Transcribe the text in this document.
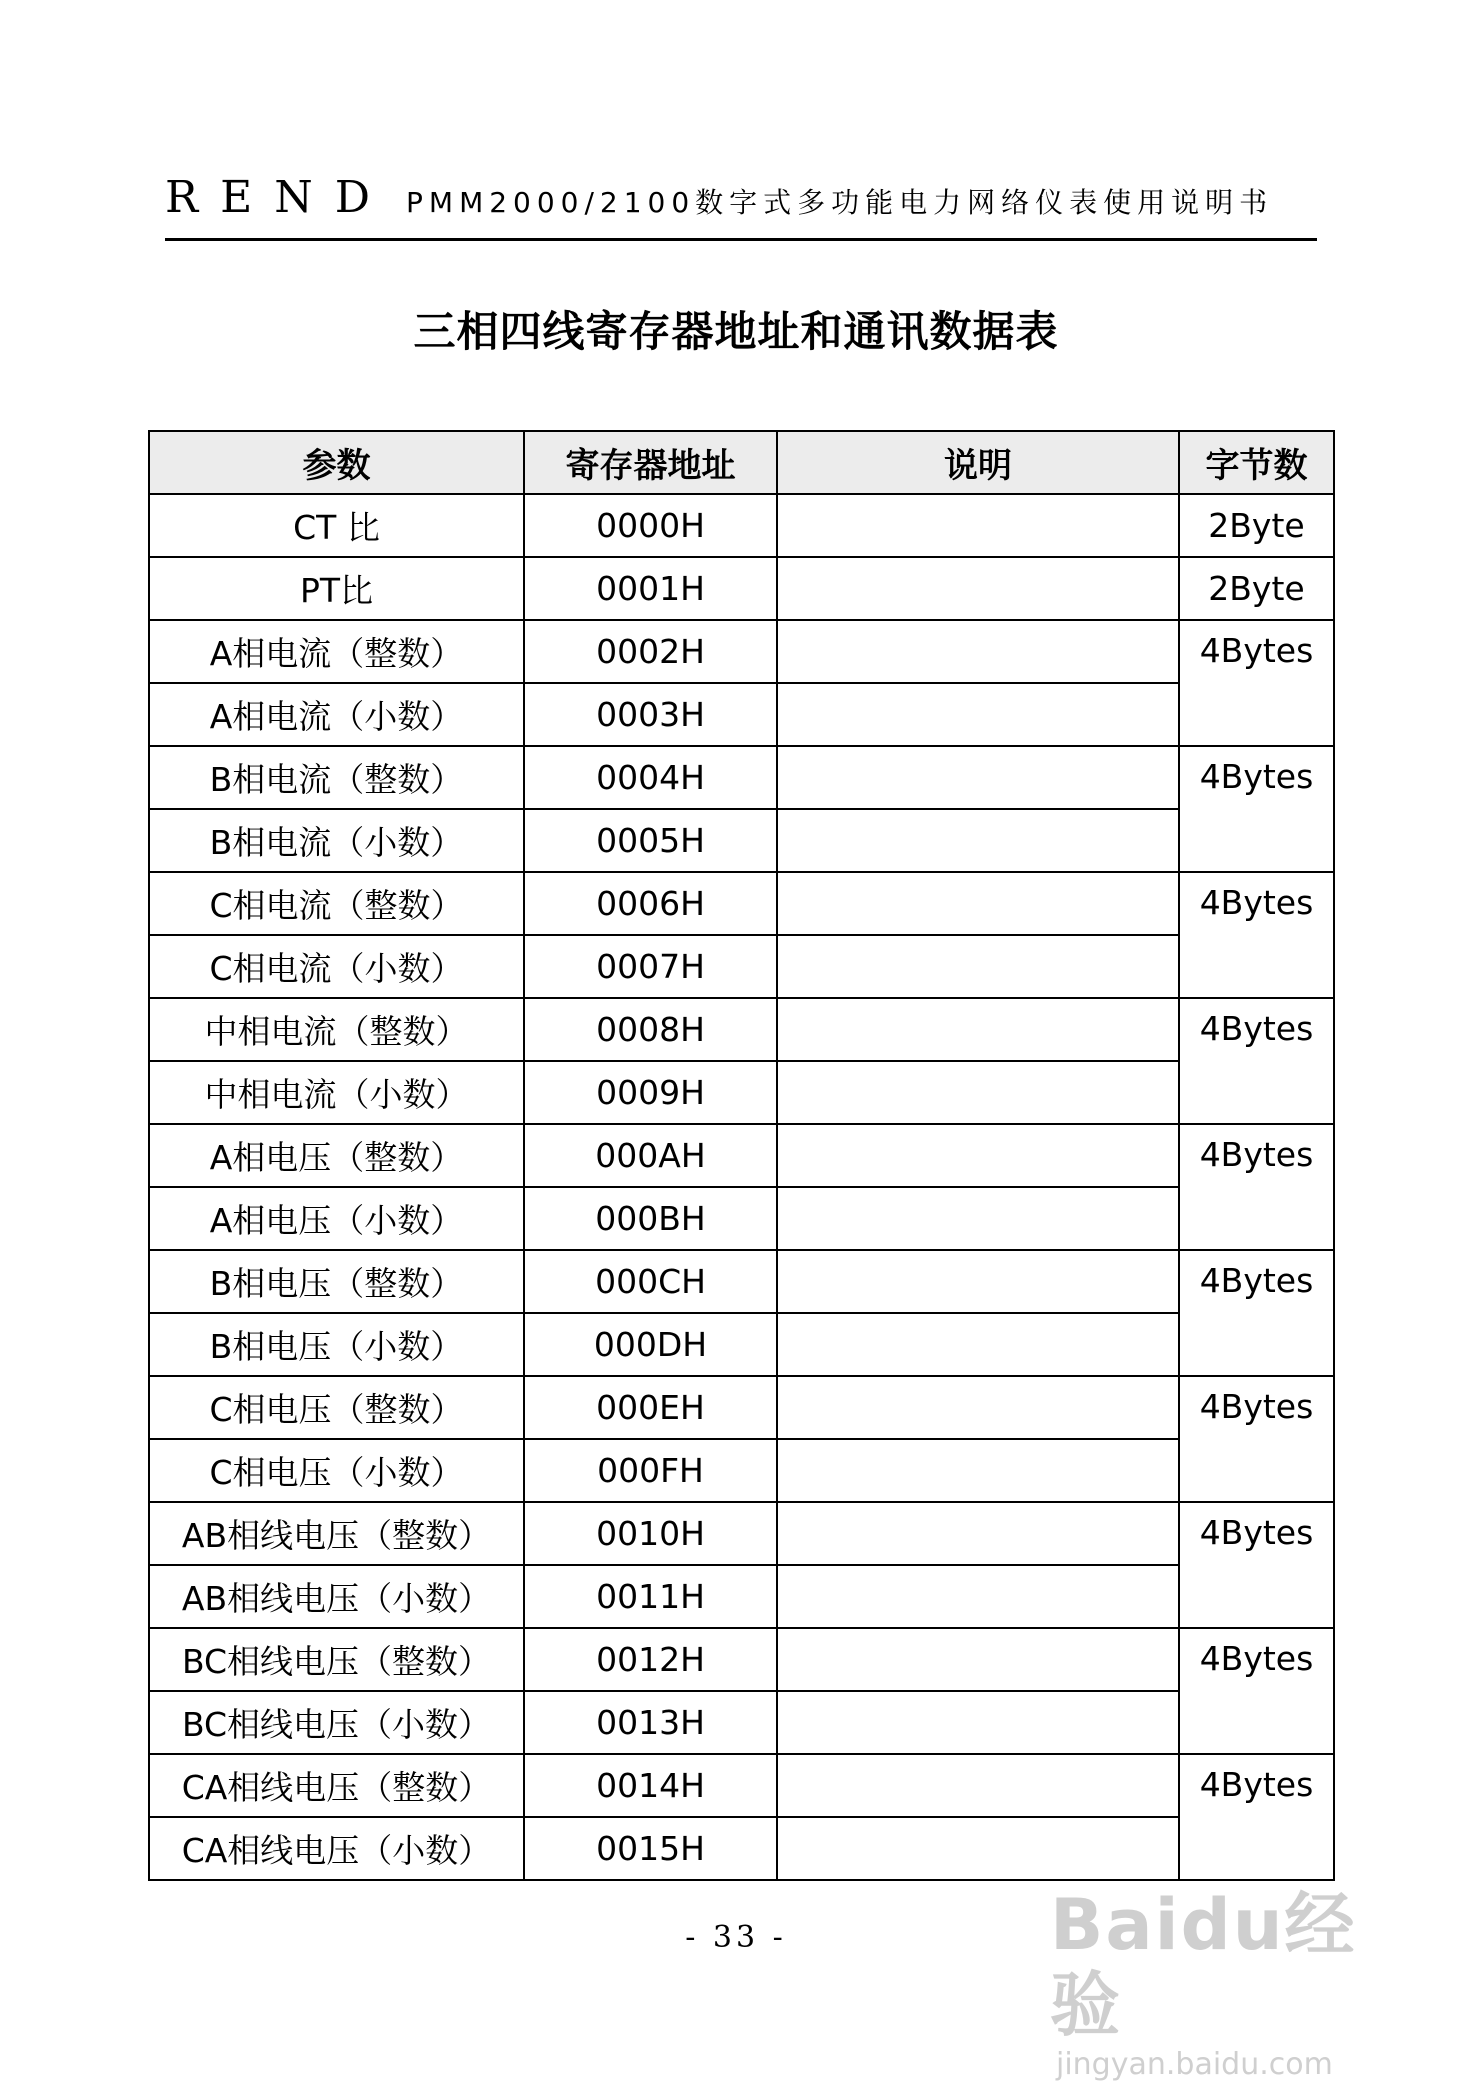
REND PMM2000/2100数字式多功能电力网络仪表使用说明书
三相四线寄存器地址和通讯数据表
参数	寄存器地址	说明	字节数
CT 比	0000H		2Byte
PT比	0001H		2Byte
A相电流（整数）	0002H		4Bytes
A相电流（小数）	0003H		
B相电流（整数）	0004H		4Bytes
B相电流（小数）	0005H		
C相电流（整数）	0006H		4Bytes
C相电流（小数）	0007H		
中相电流（整数）	0008H		4Bytes
中相电流（小数）	0009H		
A相电压（整数）	000AH		4Bytes
A相电压（小数）	000BH		
B相电压（整数）	000CH		4Bytes
B相电压（小数）	000DH		
C相电压（整数）	000EH		4Bytes
C相电压（小数）	000FH		
AB相线电压（整数）	0010H		4Bytes
AB相线电压（小数）	0011H		
BC相线电压（整数）	0012H		4Bytes
BC相线电压（小数）	0013H		
CA相线电压（整数）	0014H		4Bytes
CA相线电压（小数）	0015H		
- 33 -	Baidu经验
jingyan.baidu.com
